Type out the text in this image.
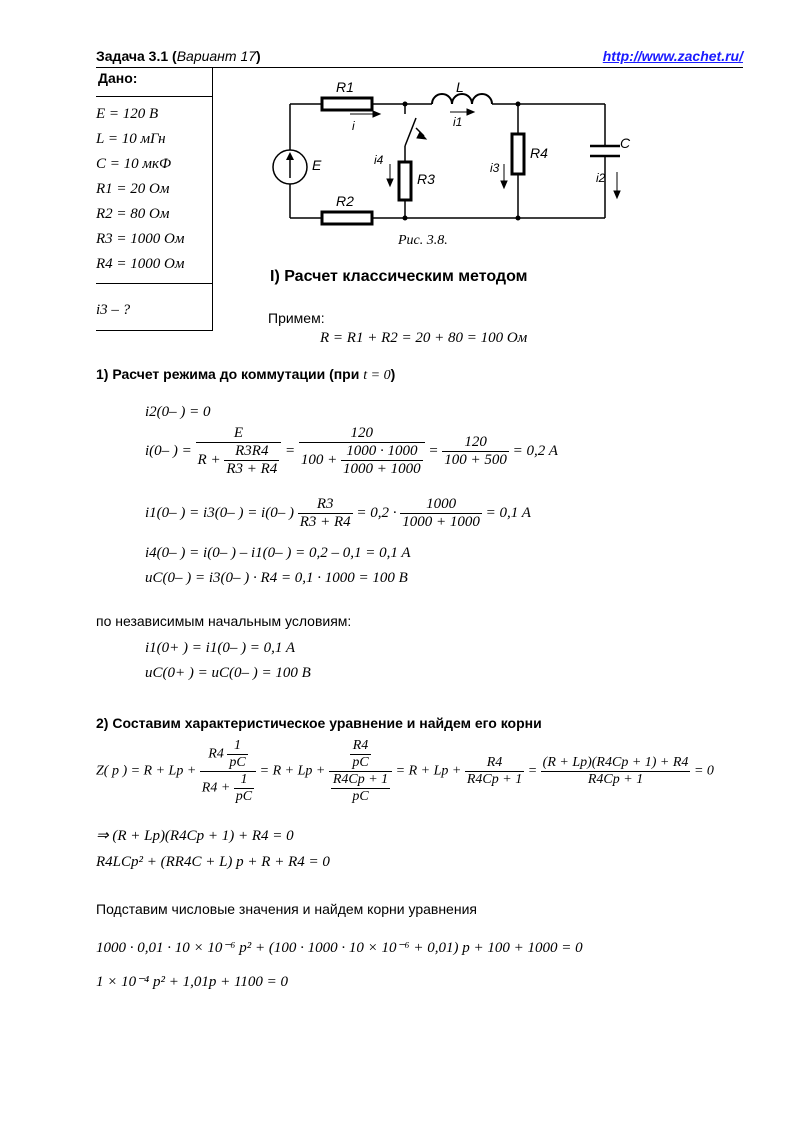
Задача 3.1 (Вариант 17)	http://www.zachet.ru/
Дано:
E = 120 В
L = 10 мГн
C = 10 мкФ
R1 = 20 Ом
R2 = 80 Ом
R3 = 1000 Ом
R4 = 1000 Ом
i3 – ?
R1
R2
R3
R4
L
C
E
i	i1
i2
i3
i4
Рис. 3.8.
I) Расчет классическим методом
Примем:
R = R1 + R2 = 20 + 80 = 100 Ом
1) Расчет режима до коммутации (при t = 0)
i2(0– ) = 0
i(0– ) = $\frac{E}{R + \frac{R3R4}{R3 + R4}} = \frac{120}{100 + \frac{1000 \cdot 1000}{1000 + 1000}} = \frac{120}{100 + 500} = 0,2$ A
i1(0– ) = i3(0– ) = i(0– ) $\frac{R3}{R3 + R4} = 0,2 \cdot \frac{1000}{1000 + 1000} = 0,1$ A
i4(0– ) = i(0– ) – i1(0– ) = 0,2 – 0,1 = 0,1 A
uC(0– ) = i3(0– ) · R4 = 0,1 · 1000 = 100 В
по независимым начальным условиям:
i1(0+ ) = i1(0– ) = 0,1 A
uC(0+ ) = uC(0– ) = 100 В
2) Составим характеристическое уравнение и найдем его корни
Z( p ) = $R + Lp + \frac{R4 \frac{1}{pC}}{R4 + \frac{1}{pC}} = R + Lp + \frac{\frac{R4}{pC}}{\frac{R4Cp + 1}{pC}} = R + Lp + \frac{R4}{R4Cp + 1} = \frac{(R + Lp)(R4Cp + 1) + R4}{R4Cp + 1} = 0$
⇒ (R + Lp)(R4Cp + 1) + R4 = 0
R4LCp² + (RR4C + L) p + R + R4 = 0
Подставим числовые значения и найдем корни уравнения
1000 · 0,01 · 10 × 10⁻⁶ p² + (100 · 1000 · 10 × 10⁻⁶ + 0,01) p + 100 + 1000 = 0
1 × 10⁻⁴ p² + 1,01p + 1100 = 0
